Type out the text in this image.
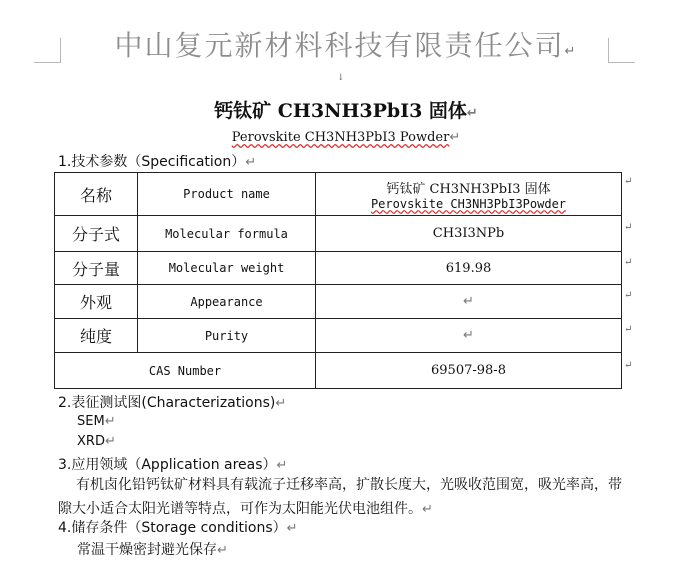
中山复元新材料科技有限责任公司↵
↓
钙钛矿 CH3NH3PbI3 固体↵
Perovskite CH3NH3PbI3 Powder↵
1.技术参数（Specification）↵
名称	Product name	钙钛矿 CH3NH3PbI3 固体
Perovskite CH3NH3PbI3Powder

分子式	Molecular formula	CH3I3NPb
分子量	Molecular weight	619.98
外观	Appearance	↵
纯度	Purity	↵
CAS Number		69507-98-8
↵
↵
↵
↵
↵
↵
2.表征测试图(Characterizations)↵
SEM↵
XRD↵
3.应用领域（Application areas）↵
有机卤化铅钙钛矿材料具有载流子迁移率高，扩散长度大，光吸收范围宽，吸光率高，带隙大小适合太阳光谱等特点，可作为太阳能光伏电池组件。↵
4.储存条件（Storage conditions）↵
常温干燥密封避光保存↵
